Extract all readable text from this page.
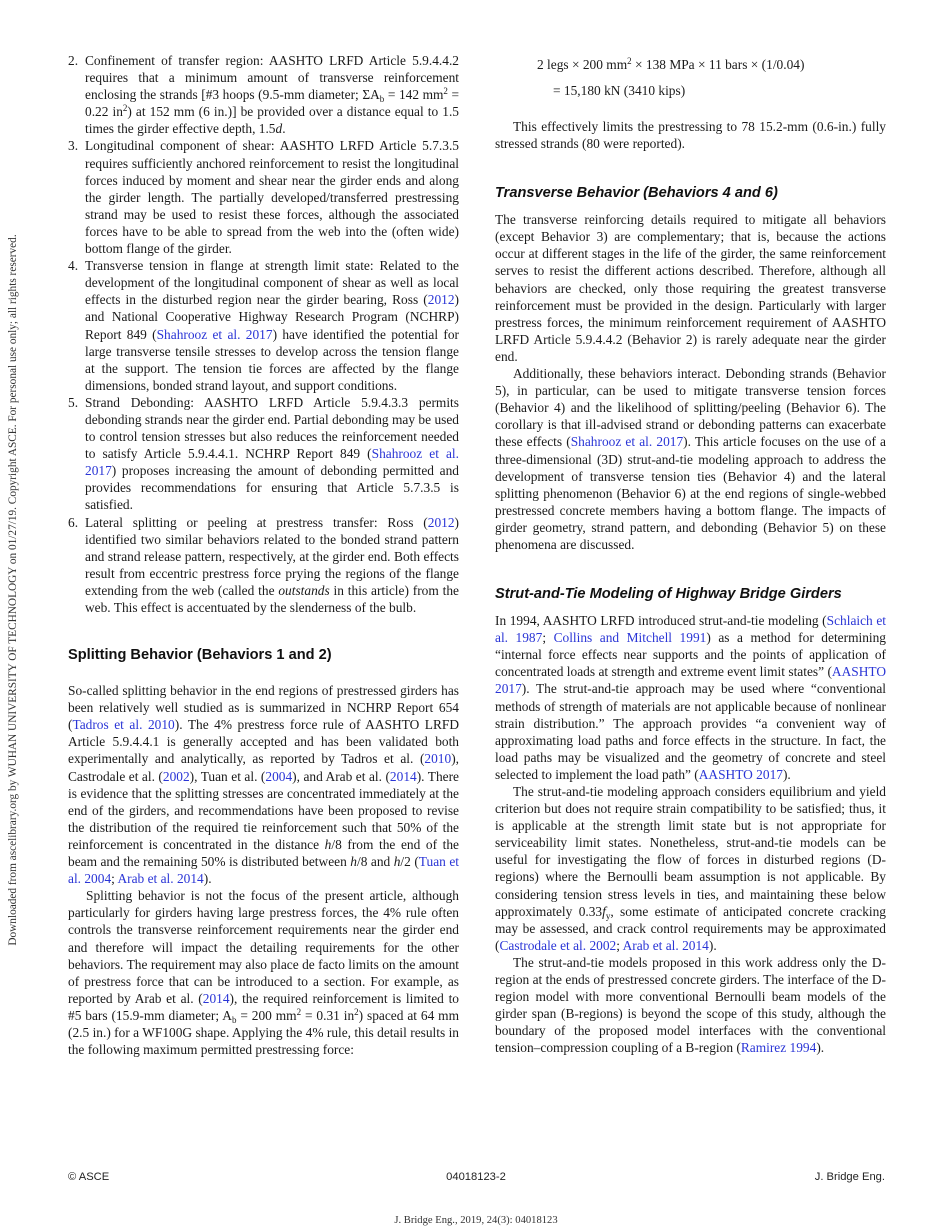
Downloaded from ascelibrary.org by WUHAN UNIVERSITY OF TECHNOLOGY on 01/27/19. Copyright ASCE. For personal use only; all rights reserved.
2. Confinement of transfer region: AASHTO LRFD Article 5.9.4.4.2 requires that a minimum amount of transverse reinforcement enclosing the strands [#3 hoops (9.5-mm diameter; $\Sigma A_b = 142$ $mm^2 = 0.22$ $in^2$) at 152 mm (6 in.)] be provided over a distance equal to 1.5 times the girder effective depth, 1.5d.
3. Longitudinal component of shear: AASHTO LRFD Article 5.7.3.5 requires sufficiently anchored reinforcement to resist the longitudinal forces induced by moment and shear near the girder ends and along the girder length. The partially developed/transferred prestressing strand may be used to resist these forces, although the associated forces have to be able to spread from the web into the (often wide) bottom flange of the girder.
4. Transverse tension in flange at strength limit state: Related to the development of the longitudinal component of shear as well as local effects in the disturbed region near the girder bearing, Ross (2012) and National Cooperative Highway Research Program (NCHRP) Report 849 (Shahrooz et al. 2017) have identified the potential for large transverse tensile stresses to develop across the tension flange at the support. The tension tie forces are affected by the flange dimensions, bonded strand layout, and support conditions.
5. Strand Debonding: AASHTO LRFD Article 5.9.4.3.3 permits debonding strands near the girder end. Partial debonding may be used to control tension stresses but also reduces the reinforcement needed to satisfy Article 5.9.4.4.1. NCHRP Report 849 (Shahrooz et al. 2017) proposes increasing the amount of debonding permitted and provides recommendations for ensuring that Article 5.7.3.5 is satisfied.
6. Lateral splitting or peeling at prestress transfer: Ross (2012) identified two similar behaviors related to the bonded strand pattern and strand release pattern, respectively, at the girder end. Both effects result from eccentric prestress force prying the regions of the flange extending from the web (called the outstands in this article) from the web. This effect is accentuated by the slenderness of the bulb.
Splitting Behavior (Behaviors 1 and 2)

So-called splitting behavior in the end regions of prestressed girders has been relatively well studied as is summarized in NCHRP Report 654 (Tadros et al. 2010). The 4% prestress force rule of AASHTO LRFD Article 5.9.4.4.1 is generally accepted and has been validated both experimentally and analytically, as reported by Tadros et al. (2010), Castrodale et al. (2002), Tuan et al. (2004), and Arab et al. (2014). There is evidence that the splitting stresses are concentrated immediately at the end of the girders, and recommendations have been proposed to revise the distribution of the required tie reinforcement such that 50% of the reinforcement is concentrated in the distance h/8 from the end of the beam and the remaining 50% is distributed between h/8 and h/2 (Tuan et al. 2004; Arab et al. 2014).

Splitting behavior is not the focus of the present article, although particularly for girders having large prestress forces, the 4% rule often controls the transverse reinforcement requirements near the girder end and therefore will impact the detailing requirements for the other behaviors. The requirement may also place de facto limits on the amount of prestress force that can be introduced to a section. For example, as reported by Arab et al. (2014), the required reinforcement is limited to #5 bars (15.9-mm diameter; $A_b = 200$ $mm^2 = 0.31$ $in^2$) spaced at 64 mm (2.5 in.) for a WF100G shape. Applying the 4% rule, this detail results in the following maximum permitted prestressing force:

2 legs × 200 $mm^2 \times 138$ MPa × 11 bars × (1/0.04)
= 15,180 kN (3410 kips)

This effectively limits the prestressing to 78 15.2-mm (0.6-in.) fully stressed strands (80 were reported).

Transverse Behavior (Behaviors 4 and 6)

The transverse reinforcing details required to mitigate all behaviors (except Behavior 3) are complementary; that is, because the actions occur at different stages in the life of the girder, the same reinforcement serves to resist the different actions described. Therefore, although all behaviors are checked, only those requiring the greatest transverse reinforcement must be provided in the design. Particularly with larger prestress forces, the minimum reinforcement requirement of AASHTO LRFD Article 5.9.4.4.2 (Behavior 2) is rarely adequate near the girder end.

Additionally, these behaviors interact. Debonding strands (Behavior 5), in particular, can be used to mitigate transverse tension forces (Behavior 4) and the likelihood of splitting/peeling (Behavior 6). The corollary is that ill-advised strand or debonding patterns can exacerbate these effects (Shahrooz et al. 2017). This article focuses on the use of a three-dimensional (3D) strut-and-tie modeling approach to address the development of transverse tension ties (Behavior 4) and the lateral splitting phenomenon (Behavior 6) at the end regions of single-webbed prestressed concrete members having a bottom flange. The impacts of girder geometry, strand pattern, and debonding (Behavior 5) on these phenomena are discussed.

Strut-and-Tie Modeling of Highway Bridge Girders

In 1994, AASHTO LRFD introduced strut-and-tie modeling (Schlaich et al. 1987; Collins and Mitchell 1991) as a method for determining “internal force effects near supports and the points of application of concentrated loads at strength and extreme event limit states” (AASHTO 2017). The strut-and-tie approach may be used where “conventional methods of strength of materials are not applicable because of nonlinear strain distribution.” The approach provides “a convenient way of approximating load paths and force effects in the structure. In fact, the load paths may be visualized and the geometry of concrete and steel selected to implement the load path” (AASHTO 2017).

The strut-and-tie modeling approach considers equilibrium and yield criterion but does not require strain compatibility to be satisfied; thus, it is applicable at the strength limit state but is not appropriate for serviceability limit states. Nonetheless, strut-and-tie models can be useful for investigating the flow of forces in disturbed regions (D-regions) where the Bernoulli beam assumption is not applicable. By considering tension stress levels in ties, and maintaining these below approximately $0.33f_y$, some estimate of anticipated concrete cracking may be assessed, and crack control requirements may be approximated (Castrodale et al. 2002; Arab et al. 2014).

The strut-and-tie models proposed in this work address only the D-region at the ends of prestressed concrete girders. The interface of the D-region model with more conventional Bernoulli beam models of the girder span (B-regions) is beyond the scope of this study, although the boundary of the proposed model interfaces with the conventional tension–compression coupling of a B-region (Ramirez 1994).

© ASCE	04018123-2	J. Bridge Eng.
J. Bridge Eng., 2019, 24(3): 04018123
